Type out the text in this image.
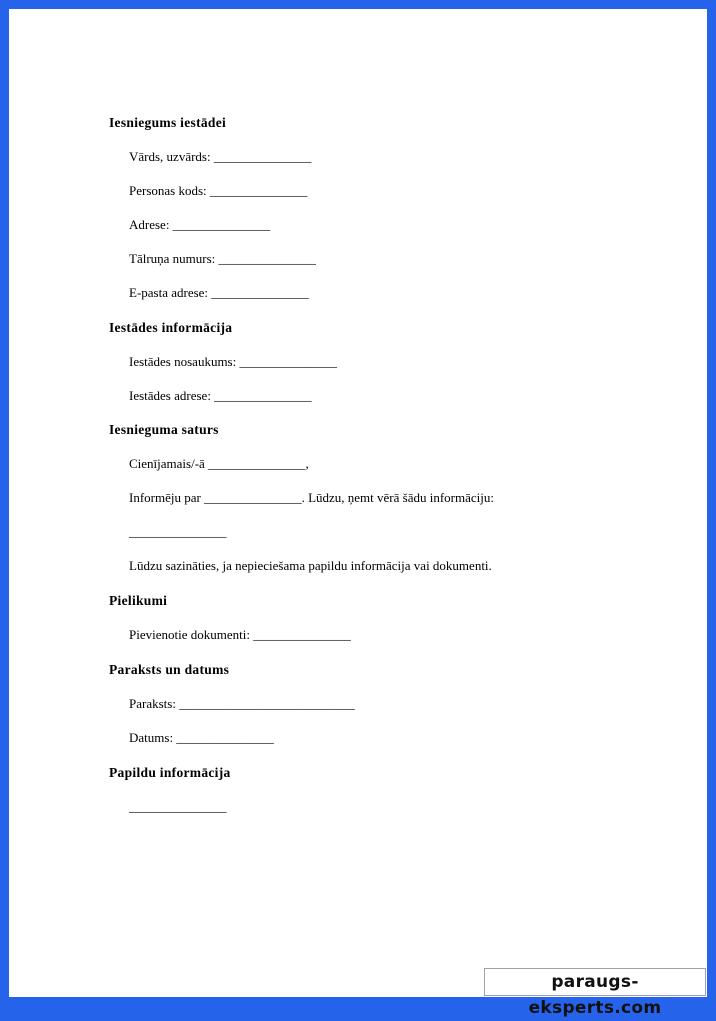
Iesniegums iestādei
Vārds, uzvārds: _______________
Personas kods: _______________
Adrese: _______________
Tālruņa numurs: _______________
E-pasta adrese: _______________
Iestādes informācija
Iestādes nosaukums: _______________
Iestādes adrese: _______________
Iesnieguma saturs
Cienījamais/-ā _______________,
Informēju par _______________. Lūdzu, ņemt vērā šādu informāciju:
_______________
Lūdzu sazināties, ja nepieciešama papildu informācija vai dokumenti.
Pielikumi
Pievienotie dokumenti: _______________
Paraksts un datums
Paraksts: ___________________________
Datums: _______________
Papildu informācija
_______________
paraugs-eksperts.com
